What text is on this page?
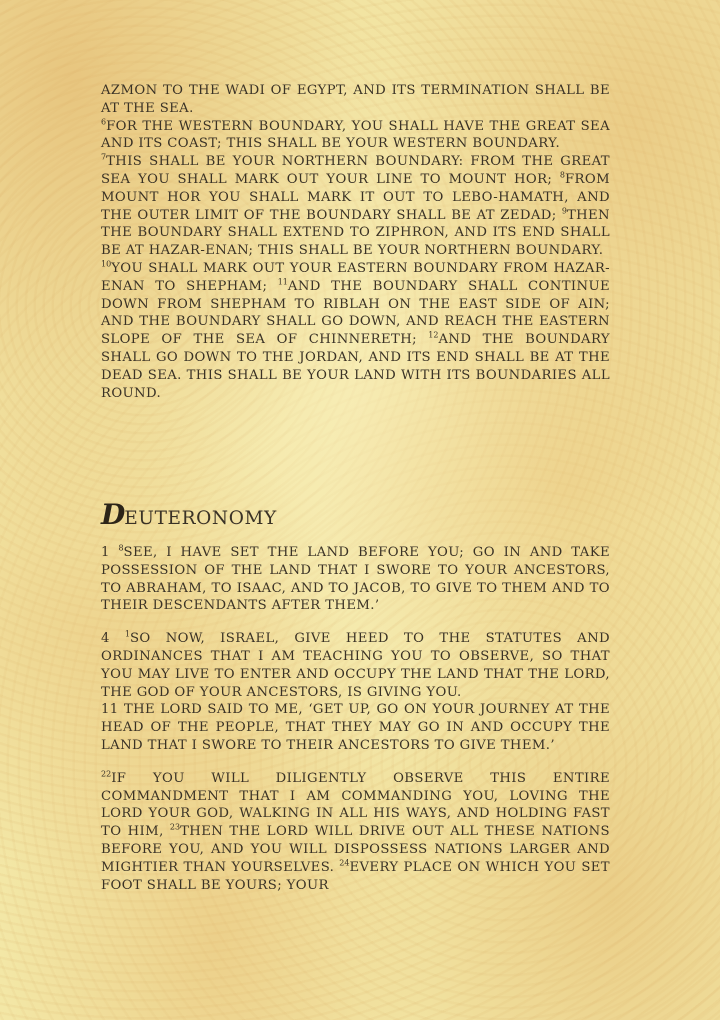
AZMON TO THE WADI OF EGYPT, AND ITS TERMINATION SHALL BE AT THE SEA.

$^6$FOR THE WESTERN BOUNDARY, YOU SHALL HAVE THE GREAT SEA AND ITS COAST; THIS SHALL BE YOUR WESTERN BOUNDARY.

$^7$THIS SHALL BE YOUR NORTHERN BOUNDARY: FROM THE GREAT SEA YOU SHALL MARK OUT YOUR LINE TO MOUNT HOR; $^8$FROM MOUNT HOR YOU SHALL MARK IT OUT TO LEBO-HAMATH, AND THE OUTER LIMIT OF THE BOUNDARY SHALL BE AT ZEDAD; $^9$THEN THE BOUNDARY SHALL EXTEND TO ZIPHRON, AND ITS END SHALL BE AT HAZAR-ENAN; THIS SHALL BE YOUR NORTHERN BOUNDARY.

$^{10}$YOU SHALL MARK OUT YOUR EASTERN BOUNDARY FROM HAZAR-ENAN TO SHEPHAM; $^{11}$AND THE BOUNDARY SHALL CONTINUE DOWN FROM SHEPHAM TO RIBLAH ON THE EAST SIDE OF AIN; AND THE BOUNDARY SHALL GO DOWN, AND REACH THE EASTERN SLOPE OF THE SEA OF CHINNERETH; $^{12}$AND THE BOUNDARY SHALL GO DOWN TO THE JORDAN, AND ITS END SHALL BE AT THE DEAD SEA. THIS SHALL BE YOUR LAND WITH ITS BOUNDARIES ALL ROUND.

D EUTERONOMY

1 $^8$SEE, I HAVE SET THE LAND BEFORE YOU; GO IN AND TAKE POSSESSION OF THE LAND THAT I SWORE TO YOUR ANCESTORS, TO ABRAHAM, TO ISAAC, AND TO JACOB, TO GIVE TO THEM AND TO THEIR DESCENDANTS AFTER THEM.’

4 $^1$SO NOW, ISRAEL, GIVE HEED TO THE STATUTES AND ORDINANCES THAT I AM TEACHING YOU TO OBSERVE, SO THAT YOU MAY LIVE TO ENTER AND OCCUPY THE LAND THAT THE LORD, THE GOD OF YOUR ANCESTORS, IS GIVING YOU.

11 THE LORD SAID TO ME, ‘GET UP, GO ON YOUR JOURNEY AT THE HEAD OF THE PEOPLE, THAT THEY MAY GO IN AND OCCUPY THE LAND THAT I SWORE TO THEIR ANCESTORS TO GIVE THEM.’

$^{22}$IF YOU WILL DILIGENTLY OBSERVE THIS ENTIRE COMMANDMENT THAT I AM COMMANDING YOU, LOVING THE LORD YOUR GOD, WALKING IN ALL HIS WAYS, AND HOLDING FAST TO HIM, $^{23}$THEN THE LORD WILL DRIVE OUT ALL THESE NATIONS BEFORE YOU, AND YOU WILL DISPOSSESS NATIONS LARGER AND MIGHTIER THAN YOURSELVES. $^{24}$EVERY PLACE ON WHICH YOU SET FOOT SHALL BE YOURS; YOUR
